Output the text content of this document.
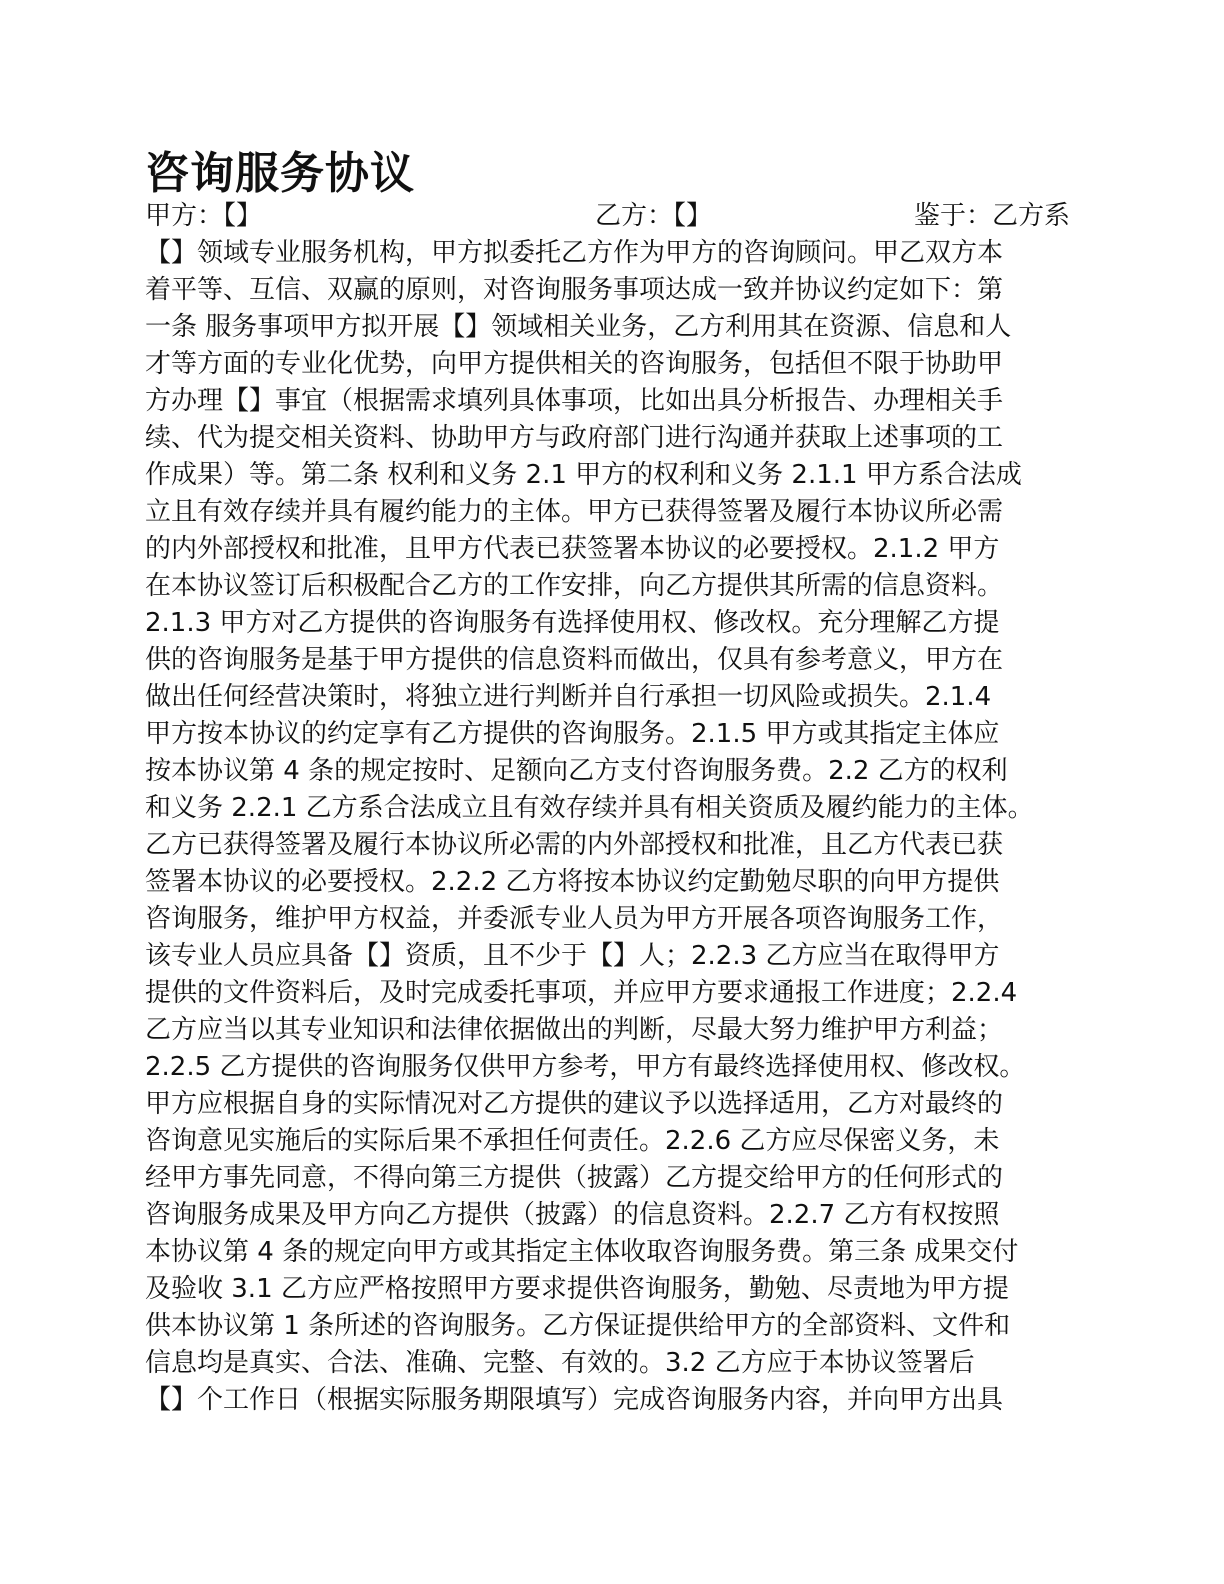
咨询服务协议
甲方：【】	乙方：【】	鉴于：乙方系
【】领域专业服务机构，甲方拟委托乙方作为甲方的咨询顾问。甲乙双方本
着平等、互信、双赢的原则，对咨询服务事项达成一致并协议约定如下：第
一条 服务事项甲方拟开展【】领域相关业务，乙方利用其在资源、信息和人
才等方面的专业化优势，向甲方提供相关的咨询服务，包括但不限于协助甲
方办理【】事宜（根据需求填列具体事项，比如出具分析报告、办理相关手
续、代为提交相关资料、协助甲方与政府部门进行沟通并获取上述事项的工
作成果）等。第二条 权利和义务 2.1 甲方的权利和义务 2.1.1 甲方系合法成
立且有效存续并具有履约能力的主体。甲方已获得签署及履行本协议所必需
的内外部授权和批准，且甲方代表已获签署本协议的必要授权。2.1.2 甲方
在本协议签订后积极配合乙方的工作安排，向乙方提供其所需的信息资料。
2.1.3 甲方对乙方提供的咨询服务有选择使用权、修改权。充分理解乙方提
供的咨询服务是基于甲方提供的信息资料而做出，仅具有参考意义，甲方在
做出任何经营决策时，将独立进行判断并自行承担一切风险或损失。2.1.4
甲方按本协议的约定享有乙方提供的咨询服务。2.1.5 甲方或其指定主体应
按本协议第 4 条的规定按时、足额向乙方支付咨询服务费。2.2 乙方的权利
和义务 2.2.1 乙方系合法成立且有效存续并具有相关资质及履约能力的主体。
乙方已获得签署及履行本协议所必需的内外部授权和批准，且乙方代表已获
签署本协议的必要授权。2.2.2 乙方将按本协议约定勤勉尽职的向甲方提供
咨询服务，维护甲方权益，并委派专业人员为甲方开展各项咨询服务工作，
该专业人员应具备【】资质，且不少于【】人；2.2.3 乙方应当在取得甲方
提供的文件资料后，及时完成委托事项，并应甲方要求通报工作进度；2.2.4
乙方应当以其专业知识和法律依据做出的判断，尽最大努力维护甲方利益；
2.2.5 乙方提供的咨询服务仅供甲方参考，甲方有最终选择使用权、修改权。
甲方应根据自身的实际情况对乙方提供的建议予以选择适用，乙方对最终的
咨询意见实施后的实际后果不承担任何责任。2.2.6 乙方应尽保密义务，未
经甲方事先同意，不得向第三方提供（披露）乙方提交给甲方的任何形式的
咨询服务成果及甲方向乙方提供（披露）的信息资料。2.2.7 乙方有权按照
本协议第 4 条的规定向甲方或其指定主体收取咨询服务费。第三条 成果交付
及验收 3.1 乙方应严格按照甲方要求提供咨询服务，勤勉、尽责地为甲方提
供本协议第 1 条所述的咨询服务。乙方保证提供给甲方的全部资料、文件和
信息均是真实、合法、准确、完整、有效的。3.2 乙方应于本协议签署后
【】个工作日（根据实际服务期限填写）完成咨询服务内容，并向甲方出具
